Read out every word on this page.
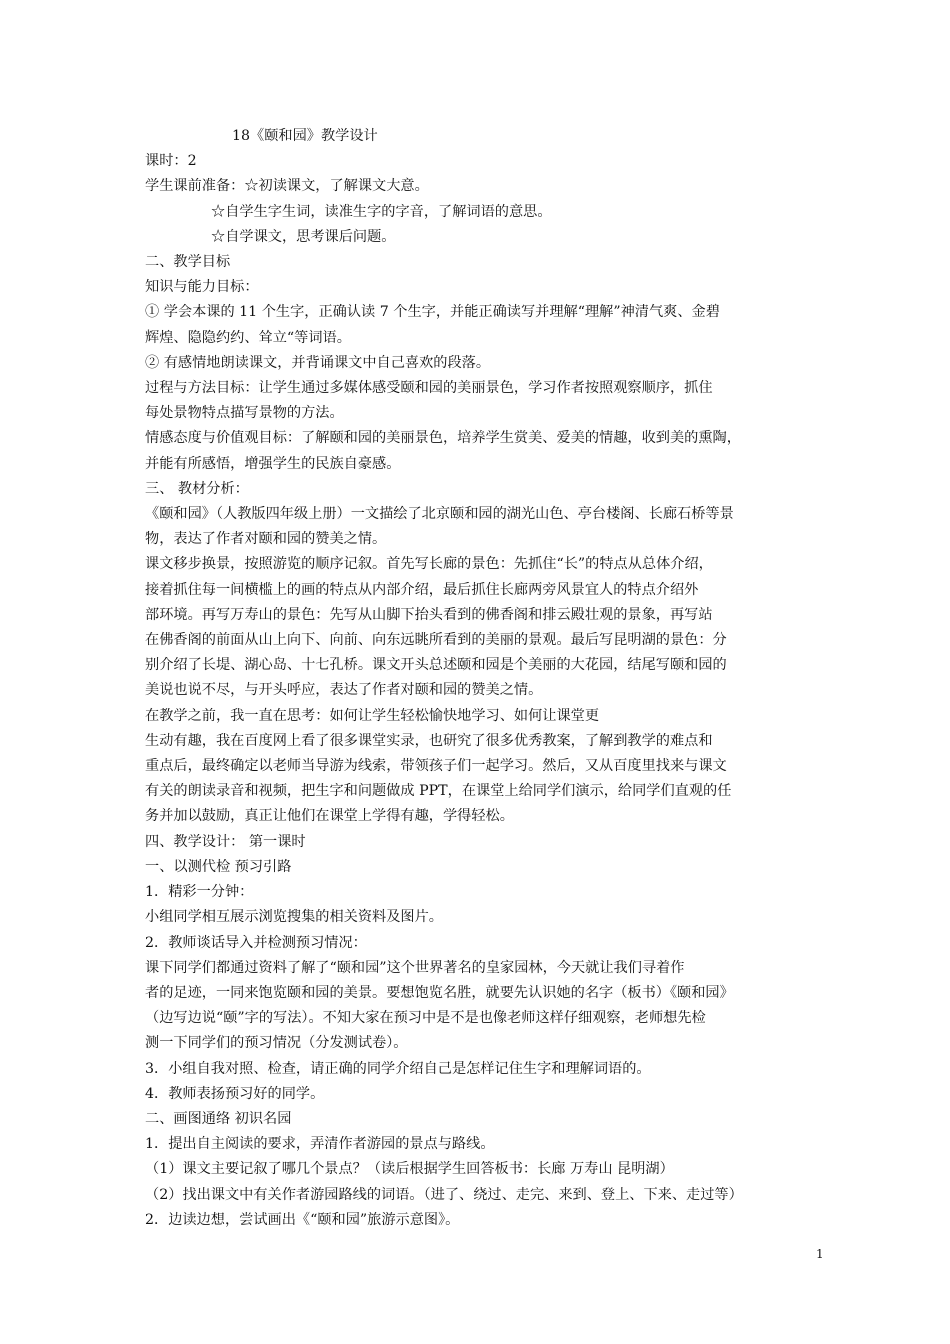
18《颐和园》教学设计
课时：2
学生课前准备：☆初读课文，了解课文大意。
☆自学生字生词，读准生字的字音，了解词语的意思。
☆自学课文，思考课后问题。
二、教学目标
知识与能力目标：
① 学会本课的 11 个生字，正确认读 7 个生字，并能正确读写并理解“理解”神清气爽、金碧
辉煌、隐隐约约、耸立“等词语。
② 有感情地朗读课文，并背诵课文中自己喜欢的段落。
过程与方法目标：让学生通过多媒体感受颐和园的美丽景色，学习作者按照观察顺序，抓住
每处景物特点描写景物的方法。
情感态度与价值观目标：了解颐和园的美丽景色，培养学生赏美、爱美的情趣，收到美的熏陶，
并能有所感悟，增强学生的民族自豪感。
三、 教材分析：
《颐和园》（人教版四年级上册）一文描绘了北京颐和园的湖光山色、亭台楼阁、长廊石桥等景
物，表达了作者对颐和园的赞美之情。
课文移步换景，按照游览的顺序记叙。首先写长廊的景色：先抓住“长”的特点从总体介绍，
接着抓住每一间横槛上的画的特点从内部介绍，最后抓住长廊两旁风景宜人的特点介绍外
部环境。再写万寿山的景色：先写从山脚下抬头看到的佛香阁和排云殿壮观的景象，再写站
在佛香阁的前面从山上向下、向前、向东远眺所看到的美丽的景观。最后写昆明湖的景色：分
别介绍了长堤、湖心岛、十七孔桥。课文开头总述颐和园是个美丽的大花园，结尾写颐和园的
美说也说不尽，与开头呼应，表达了作者对颐和园的赞美之情。
在教学之前，我一直在思考：如何让学生轻松愉快地学习、如何让课堂更
生动有趣，我在百度网上看了很多课堂实录，也研究了很多优秀教案，了解到教学的难点和
重点后，最终确定以老师当导游为线索，带领孩子们一起学习。然后，又从百度里找来与课文
有关的朗读录音和视频，把生字和问题做成 PPT，在课堂上给同学们演示，给同学们直观的任
务并加以鼓励，真正让他们在课堂上学得有趣，学得轻松。
四、教学设计： 第一课时
一、以测代检 预习引路
1．精彩一分钟：
小组同学相互展示浏览搜集的相关资料及图片。
2．教师谈话导入并检测预习情况：
课下同学们都通过资料了解了“颐和园”这个世界著名的皇家园林，今天就让我们寻着作
者的足迹，一同来饱览颐和园的美景。要想饱览名胜，就要先认识她的名字（板书）《颐和园》
（边写边说“颐”字的写法）。不知大家在预习中是不是也像老师这样仔细观察，老师想先检
测一下同学们的预习情况（分发测试卷）。
3．小组自我对照、检查，请正确的同学介绍自己是怎样记住生字和理解词语的。
4．教师表扬预习好的同学。
二、画图通络 初识名园
1．提出自主阅读的要求，弄清作者游园的景点与路线。
（1）课文主要记叙了哪几个景点？（读后根据学生回答板书：长廊 万寿山 昆明湖）
（2）找出课文中有关作者游园路线的词语。（进了、绕过、走完、来到、登上、下来、走过等）
2．边读边想，尝试画出《“颐和园”旅游示意图》。
1
